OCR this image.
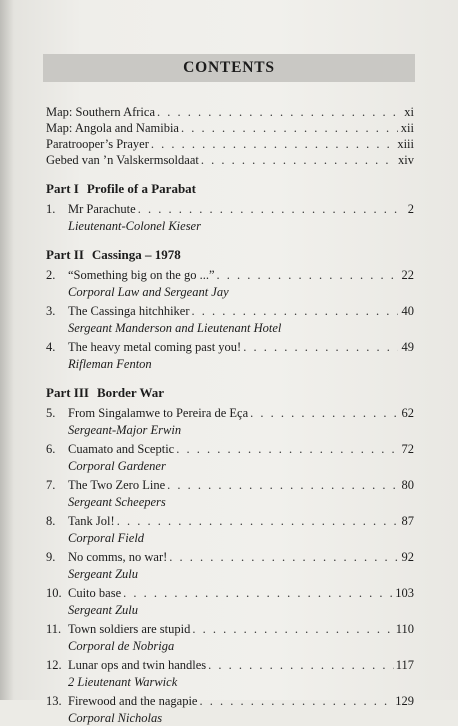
CONTENTS
Map: Southern Africa . . .	xi
Map: Angola and Namibia . . .	xii
Paratrooper’s Prayer . . .	xiii
Gebed van ’n Valskermsoldaat . . .	xiv
Part I Profile of a Parabat
1.	Mr Parachute . . .	2
Lieutenant-Colonel Kieser
Part II Cassinga – 1978
2.	“Something big on the go ...” . . .	22
Corporal Law and Sergeant Jay
3.	The Cassinga hitchhiker . . .	40
Sergeant Manderson and Lieutenant Hotel
4.	The heavy metal coming past you! . . .	49
Rifleman Fenton
Part III Border War
5.	From Singalamwe to Pereira de Eça . . .	62
Sergeant-Major Erwin
6.	Cuamato and Sceptic . . .	72
Corporal Gardener
7.	The Two Zero Line . . .	80
Sergeant Scheepers
8.	Tank Jol! . . .	87
Corporal Field
9.	No comms, no war! . . .	92
Sergeant Zulu
10. Cuito base . . .	103
Sergeant Zulu
11. Town soldiers are stupid . . .	110
Corporal de Nobriga
12. Lunar ops and twin handles . . .	117
2 Lieutenant Warwick
13. Firewood and the nagapie . . .	129
Corporal Nicholas
